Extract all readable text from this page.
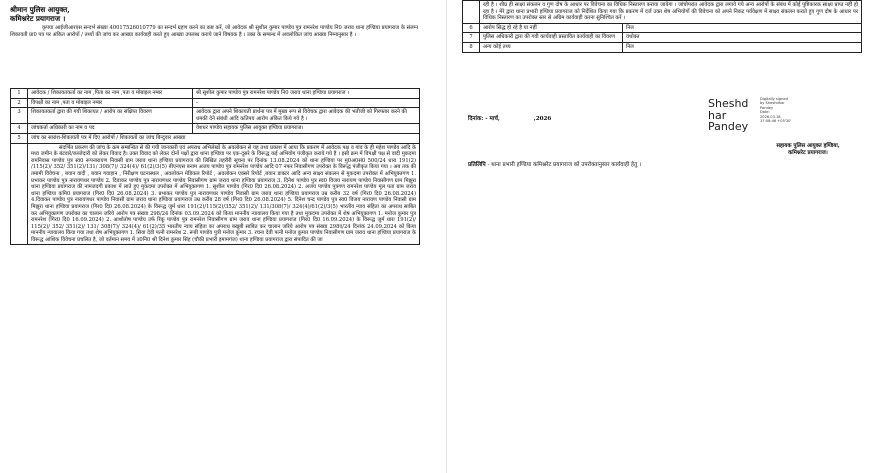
श्रीमान पुलिस आयुक्त,
कमिश्नरेट प्रयागराज ।
कृपया आईजीआरएस सन्दर्भ संख्या 40017526010779 का सन्दर्भ ग्रहण करने का कष्ट करें, जो आवेदक श्री सुशील कुमार पाण्डेय पुत्र रामनरेश पाण्डेय नि0 जराव थाना हण्डिया प्रयागराज के संलग्न शिकायती प्रा0 पत्र पर अंकित आरोपों / तथ्यों की जांच कर आख्या कार्यवाही करते हुए आख्या उपलब्ध कराये जाने विषयक है । उक्त के सम्बन्ध में अवलोकित जांच आख्या निम्नानुसार है ।
1	आवेदक / शिकायतकर्ता का नाम ,पिता का नाम ,पता व मोबाइल नम्बर	श्री सुशील कुमार पाण्डेय पुत्र रामनरेश पाण्डेय नि0 जराव थाना हण्डिया प्रयागराज ।
2	विपक्षी का नाम ,पता व मोबाइल नम्बर	-
3	शिकायतकर्ता द्वारा की गयी शिकायत / आरोप का संक्षिप्त विवरण	आवेदक द्वारा अपने शिकायती प्रार्थना पत्र में मुख्य रूप से विवेचक द्वारा आवेदक की भतीजी को गिरफ्तार करने की धमकी देने संबंधी आदि कतिपय आरोप अंकित किये गये है ।
4	जांचकर्ता अधिकारी का नाम व पद	येशधर पाण्डेय सहायक पुलिस आयुक्त हण्डिया प्रयागराज।
5	जांच का सारांश-शिकायती पत्र में दिए आरोपों / शिकायतों का जांच बिन्दुवार आख्या	
	संदर्भित प्रकरण की जांच के क्रम सम्बन्धित से की गयी जानकारी एवं अपराध अभिलेखों के अवलोकन से यह तथ्य प्रकाश में आया कि प्रकरण में आवेदक पक्ष व गांव के ही महेश पाण्डेय आदि के मध्य जमीन के बंटवारे/कब्जेदारी को लेकर विवाद है। उक्त विवाद को लेकर दोनों पक्षों द्वारा थाना हण्डिया पर एक-दूसरे के विरूद्ध कई अभियोग पंजीकृत कराये गये है । इसी क्रम में विपक्षी पक्ष से वादी मुकदमा रामनिवास पाण्डेय पुत्र स्व0 रूपनारायण निवासी ग्राम जराव थाना हण्डिया प्रयागराज की लिखित तहरीरी सूचना पर दिनांक 13.08.2024 को थाना हण्डिया पर मु0अ0सं0 500/24 धारा 191(2) /115(2)/ 352/ 351(2)/131/ 308(7)/ 324(4)/ 61(2)/3(5) बीएनएस बनाम अजय पाण्डेय पुत्र रामनरेश पाण्डेय आदि 07 नफर निवासीगण उपरोक्त के विरूद्ध पंजीकृत किया गया । अब तक की तमामी विवेचना , बयान वादी , बयान गवाहान , निरीक्षण घटनास्थल , अवलोकन मेडिकल रिपोर्ट , अवलोकन एक्सरे रिपोर्ट ,बयान डाक्टर आदि अन्य साक्ष्य संकलन से मुकदमा उपरोक्त में अभियुक्तगण 1. प्रभाकर पाण्डेय पुत्र नारायणधर पाण्डेय 2. दिवाकर पाण्डेय पुत्र नारायणधर पाण्डेय निवासीगण ग्राम जराव थाना हण्डिया प्रयागराज 3. दिनेश पाण्डेय पुत्र स्व0 विजय नारायण पाण्डेय निवासीगण ग्राम मिझूरा थाना हण्डिया प्रयागराज की नामजदगी प्रकाश में लाते हुए मुकदमा उपरोक्त में अभियुक्तगण 1. सुशील पाण्डेय (गिर0 दि0 26.08.2024) 2. अजय पाण्डेय पुत्रगण रामनरेश पाण्डेय मूल पता ग्राम जराव थाना हण्डिया कमि0 प्रयागराज (गिर0 दि0 26.08.2024) 3. प्रभाकर पाण्डेय पुत्र नारायणधर पाण्डेय निवासी ग्राम जराव थाना हण्डिया प्रयागराज उम्र करीब 32 वर्ष (गिर0 दि0 26.08.2024) 4.दिवाकर पाण्डेय पुत्र नारायणधर पाण्डेय निवासी ग्राम जराव थाना हण्डिया प्रयागराज उम्र करीब 28 वर्ष (गिर0 दि0 26.08.2024) 5. दिनेश चन्द्र पाण्डेय पुत्र स्व0 विजय नारायण पाण्डेय निवासी ग्राम मिझूरा थाना हण्डिया प्रयागराज (गिर0 दि0 26.08.2024) के विरूद्ध जुर्म धारा 191(2)/115(2)/352/ 351(2)/ 131/308(7)/ 324(4)/61(2)/3(5) भारतीय न्याय संहिता का अपराध साबित कर अभियुक्तगण उपरोक्त का चालान जरिये आरोप पत्र संख्या 298/24 दिनांक 03.09.2024 को किया माननीय न्यायालय किया गया है तथा मुकदमा उपरोक्त में शेष अभियुक्तगण 1. मनोज कुमार पुत्र रामनरेश (गिर0 दि0 16.09.2024) 2. आशोतोष पाण्डेय उर्फ रिंकू पाण्डेय पुत्र रामनरेश निवासीगण ग्राम जराव थाना हण्डिया प्रयागराज (गिर0 दि0 16.09.2024) के विरूद्ध जुर्म धारा 191(2)/ 115(2)/ 352/ 351(2)/ 131/ 308(7)/ 324(4)/ 61(2)/35 भारतीय न्याय संहिता का अपराध बखूबी साबित कर चालान जरिये आरोप पत्र संख्या 298ए/24 दिनांक 24.09.2024 को किया माननीय न्यायालय किया गया तथा शेष अभियुक्तगण 1. सिया देवी पत्नी रामनरेश 2. रूबी पाण्डेय पुत्री मनोज कुमार 3. रचना देवी पत्नी मनोज कुमार पाण्डेय निवासीगण ग्राम जराव थाना हण्डिया प्रयागराज के विरूद्ध आंशिक विवेचना प्रचलित है, जो वर्तमान समय में उ0नि0 श्री दिनेश कुमार सिंह (चौकी प्रभारी इमामगंज) थाना हण्डिया प्रयागराज द्वारा संपादित की जा	
	रही है । शीघ्र ही साक्ष्य संकलन व गुण दोष के आधार पर विवेचना का विधिक निस्तारण कराया जायेगा । जांचोपरांत आवेदक द्वारा लगाये गये अन्य आरोपों के संबंध में कोई पुष्टिकारक साक्ष्य प्राप्त नहीं हो रहा है । मेरे द्वारा थाना प्रभारी हण्डिया प्रयागराज को निर्देशित किया गया कि प्रकरण में दर्ज उक्त शेष अभियोगों की विवेचना को अपने निकट पर्यवेक्षण में साक्ष्य संकलन कराते हुए गुण दोष के आधार पर विधिक निस्तारण का उपरोक्त स्तर से अग्रिम कार्यवाही करना सुनिश्चित करें ।	
6	आरोप सिद्ध हो रहे है या नहीं	निल
7	पुलिस अधिकारी द्वारा की गयी कार्यवाही प्रस्तावित कार्यवाही का विवरण	यथोक्त
8	अन्य कोई तथ्य	निल
दिनांक: - मार्च,	,2026
Sheshd
har
Pandey
Digitally signed
by Sheshdhar
Pandey
Date:
2026.03.18
17:08:46 +05'30'
सहायक पुलिस आयुक्त हण्डिया,
कमिश्नरेट प्रयागराज।
प्रतिलिपि - थाना प्रभारी हण्डिया कमिश्नरेट प्रयागराज को उपरोक्तानुसार कार्यवाही हेतु ।
